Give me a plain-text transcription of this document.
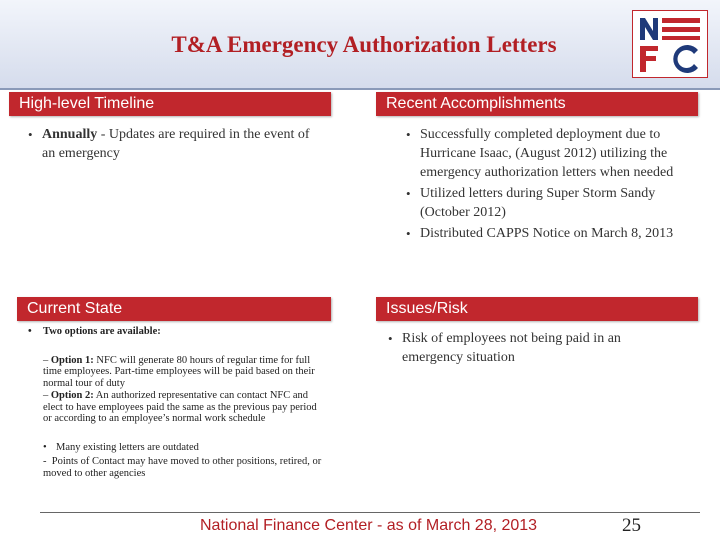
T&A Emergency Authorization Letters
High-level Timeline
• Annually - Updates are required in the event of an emergency
Recent Accomplishments
• Successfully completed deployment due to Hurricane Isaac, (August 2012) utilizing the emergency authorization letters when needed
• Utilized letters during Super Storm Sandy (October 2012)
• Distributed CAPPS Notice on March 8, 2013
Current State
• Two options are available:
– Option 1: NFC will generate 80 hours of regular time for full time employees. Part-time employees will be paid based on their normal tour of duty
– Option 2: An authorized representative can contact NFC and elect to have employees paid the same as the previous pay period or according to an employee’s normal work schedule
• Many existing letters are outdated
-  Points of Contact may have moved to other positions, retired, or moved to other agencies
Issues/Risk
• Risk of employees not being paid in an emergency situation
National Finance Center - as of March 28, 2013	25
